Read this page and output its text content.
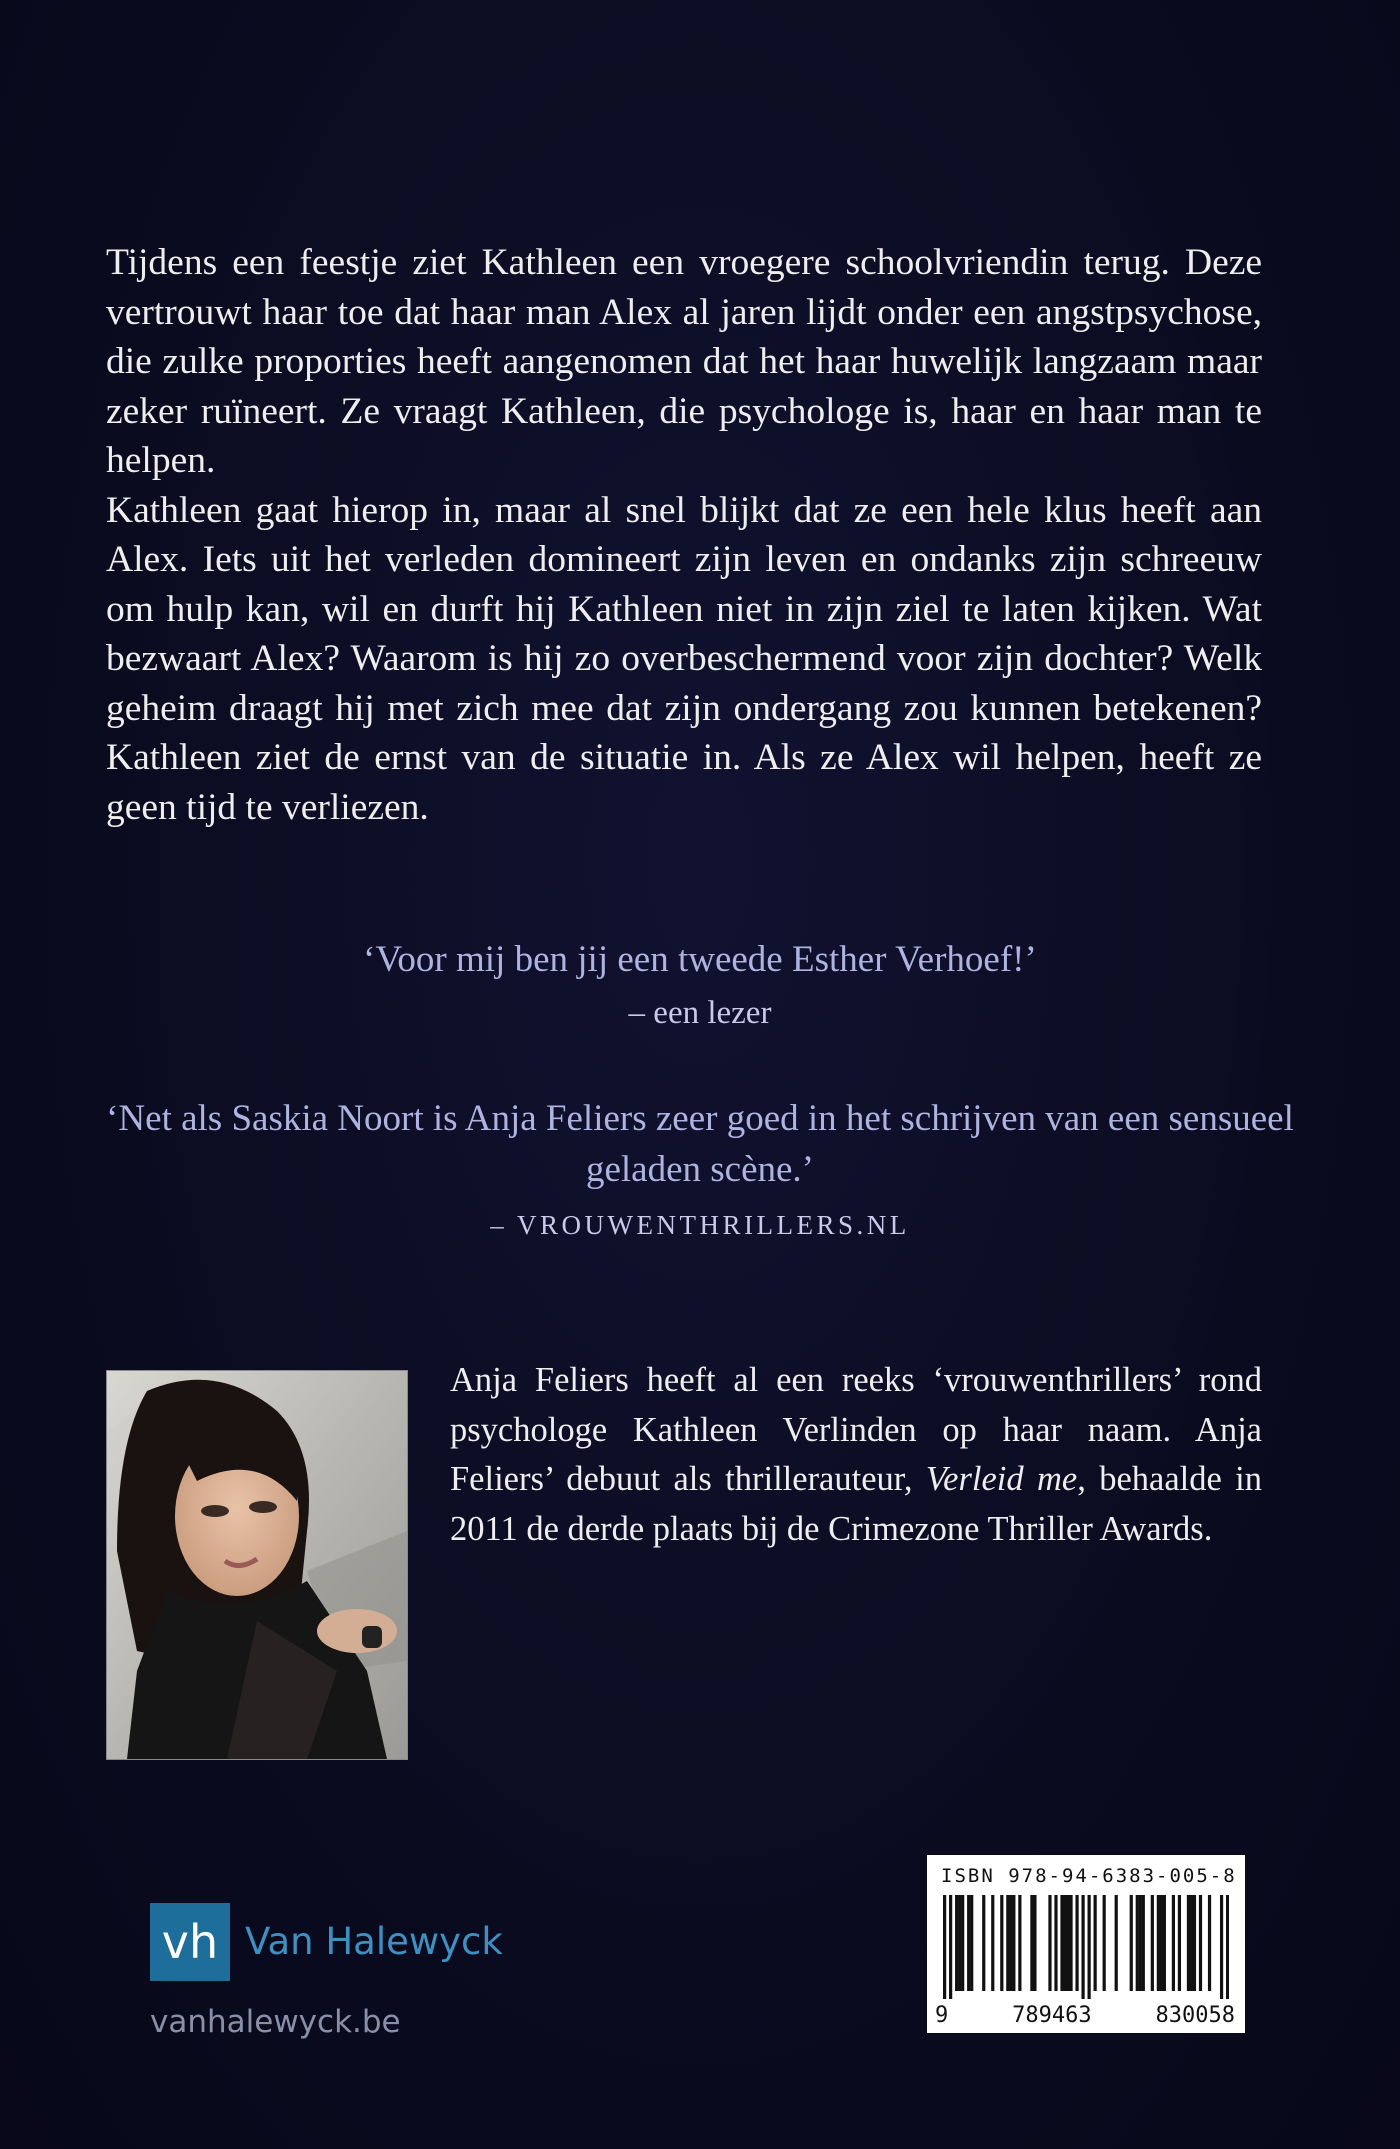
Tijdens een feestje ziet Kathleen een vroegere schoolvriendin terug. Deze vertrouwt haar toe dat haar man Alex al jaren lijdt onder een angstpsychose, die zulke proporties heeft aangenomen dat het haar huwelijk langzaam maar zeker ruïneert. Ze vraagt Kathleen, die psychologe is, haar en haar man te helpen.

Kathleen gaat hierop in, maar al snel blijkt dat ze een hele klus heeft aan Alex. Iets uit het verleden domineert zijn leven en ondanks zijn schreeuw om hulp kan, wil en durft hij Kathleen niet in zijn ziel te laten kijken. Wat bezwaart Alex? Waarom is hij zo overbeschermend voor zijn dochter? Welk geheim draagt hij met zich mee dat zijn ondergang zou kunnen betekenen? Kathleen ziet de ernst van de situatie in. Als ze Alex wil helpen, heeft ze geen tijd te verliezen.

‘Voor mij ben jij een tweede Esther Verhoef!’
– een lezer
‘Net als Saskia Noort is Anja Feliers zeer goed in het schrijven van een sensueel geladen scène.’
– VROUWENTHRILLERS.NL
Anja Feliers heeft al een reeks ‘vrouwenthrillers’ rond psychologe Kathleen Verlinden op haar naam. Anja Feliers’ debuut als thrillerauteur, Verleid me, behaalde in 2011 de derde plaats bij de Crimezone Thriller Awards.
vh Van Halewyck
vanhalewyck.be
ISBN 978-94-6383-005-8
9	789463	830058
